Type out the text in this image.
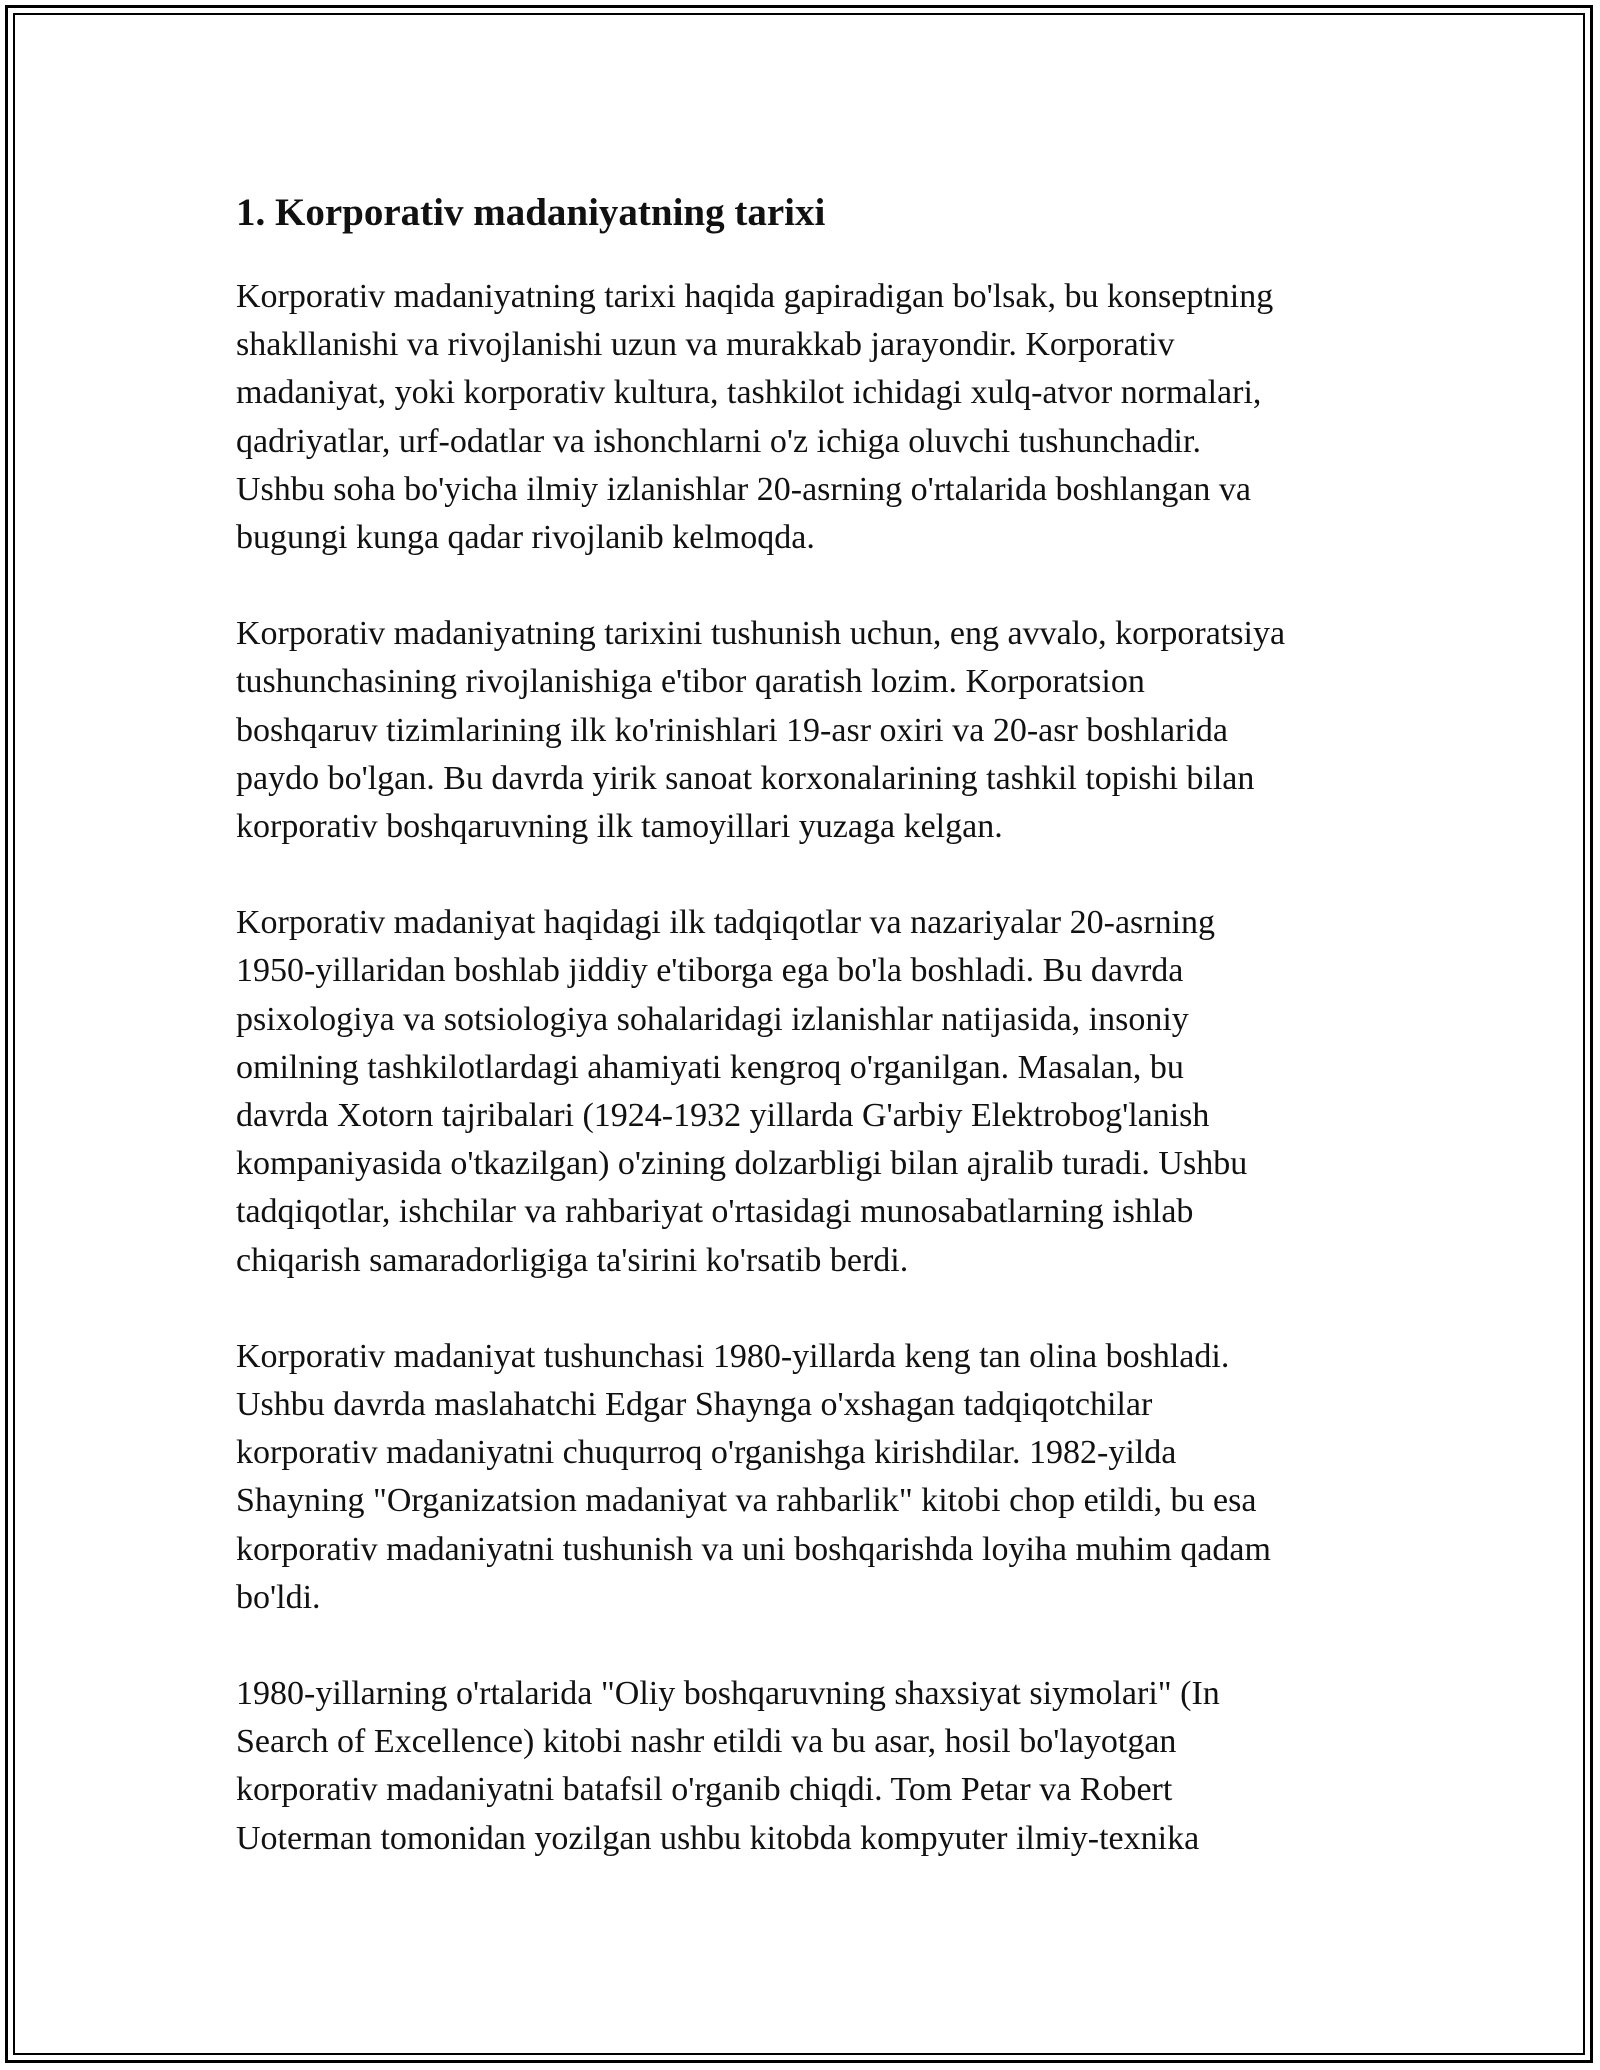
1. Korporativ madaniyatning tarixi

Korporativ madaniyatning tarixi haqida gapiradigan bo'lsak, bu konseptning
shakllanishi va rivojlanishi uzun va murakkab jarayondir. Korporativ
madaniyat, yoki korporativ kultura, tashkilot ichidagi xulq-atvor normalari,
qadriyatlar, urf-odatlar va ishonchlarni o'z ichiga oluvchi tushunchadir.
Ushbu soha bo'yicha ilmiy izlanishlar 20-asrning o'rtalarida boshlangan va
bugungi kunga qadar rivojlanib kelmoqda.

Korporativ madaniyatning tarixini tushunish uchun, eng avvalo, korporatsiya
tushunchasining rivojlanishiga e'tibor qaratish lozim. Korporatsion
boshqaruv tizimlarining ilk ko'rinishlari 19-asr oxiri va 20-asr boshlarida
paydo bo'lgan. Bu davrda yirik sanoat korxonalarining tashkil topishi bilan
korporativ boshqaruvning ilk tamoyillari yuzaga kelgan.

Korporativ madaniyat haqidagi ilk tadqiqotlar va nazariyalar 20-asrning
1950-yillaridan boshlab jiddiy e'tiborga ega bo'la boshladi. Bu davrda
psixologiya va sotsiologiya sohalaridagi izlanishlar natijasida, insoniy
omilning tashkilotlardagi ahamiyati kengroq o'rganilgan. Masalan, bu
davrda Xotorn tajribalari (1924-1932 yillarda G'arbiy Elektrobog'lanish
kompaniyasida o'tkazilgan) o'zining dolzarbligi bilan ajralib turadi. Ushbu
tadqiqotlar, ishchilar va rahbariyat o'rtasidagi munosabatlarning ishlab
chiqarish samaradorligiga ta'sirini ko'rsatib berdi.

Korporativ madaniyat tushunchasi 1980-yillarda keng tan olina boshladi.
Ushbu davrda maslahatchi Edgar Shaynga o'xshagan tadqiqotchilar
korporativ madaniyatni chuqurroq o'rganishga kirishdilar. 1982-yilda
Shayning "Organizatsion madaniyat va rahbarlik" kitobi chop etildi, bu esa
korporativ madaniyatni tushunish va uni boshqarishda loyiha muhim qadam
bo'ldi.

1980-yillarning o'rtalarida "Oliy boshqaruvning shaxsiyat siymolari" (In
Search of Excellence) kitobi nashr etildi va bu asar, hosil bo'layotgan
korporativ madaniyatni batafsil o'rganib chiqdi. Tom Petar va Robert
Uoterman tomonidan yozilgan ushbu kitobda kompyuter ilmiy-texnika
